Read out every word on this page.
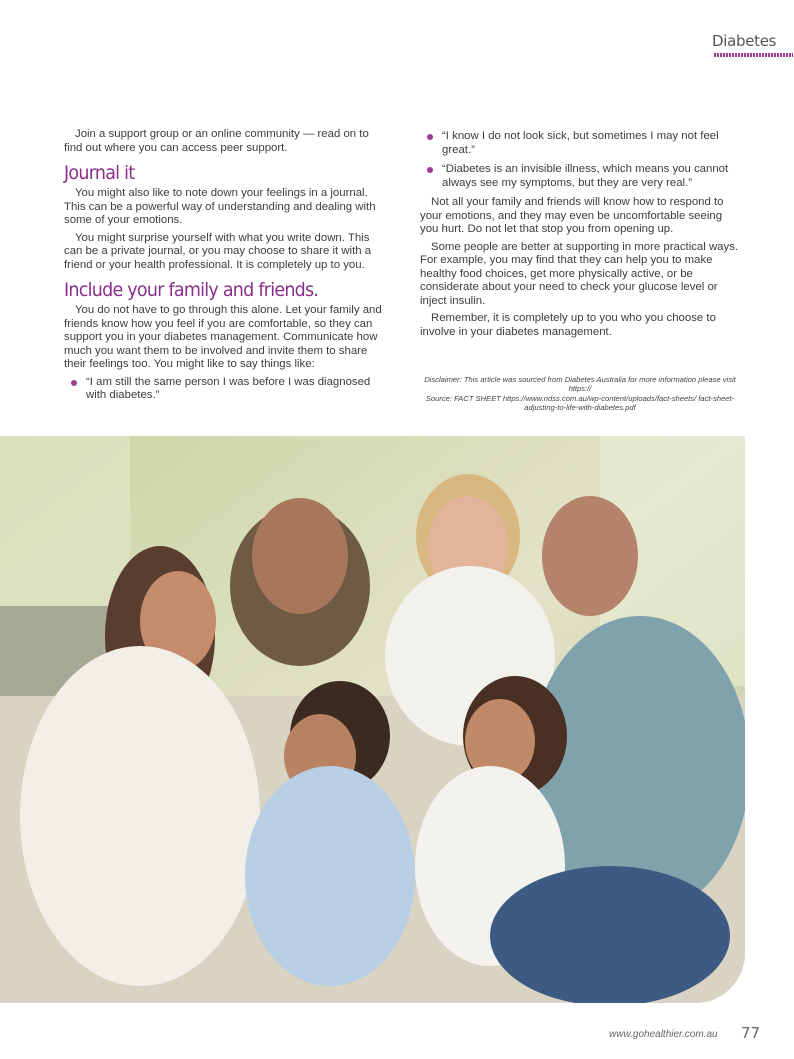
Diabetes

Join a support group or an online community — read on to find out where you can access peer support.

Journal it

You might also like to note down your feelings in a journal. This can be a powerful way of understanding and dealing with some of your emotions.

You might surprise yourself with what you write down. This can be a private journal, or you may choose to share it with a friend or your health professional. It is completely up to you.

Include your family and friends.

You do not have to go through this alone. Let your family and friends know how you feel if you are comfortable, so they can support you in your diabetes management. Communicate how much you want them to be involved and invite them to share their feelings too. You might like to say things like:

“I am still the same person I was before I was diagnosed with diabetes.”
“I know I do not look sick, but sometimes I may not feel great.”
“Diabetes is an invisible illness, which means you cannot always see my symptoms, but they are very real.”

Not all your family and friends will know how to respond to your emotions, and they may even be uncomfortable seeing you hurt. Do not let that stop you from opening up.

Some people are better at supporting in more practical ways. For example, you may find that they can help you to make healthy food choices, get more physically active, or be considerate about your need to check your glucose level or inject insulin.

Remember, it is completely up to you who you choose to involve in your diabetes management.

Disclaimer: This article was sourced from Diabetes Australia for more information please visit https://
Source: FACT SHEET https://www.ndss.com.au/wp-content/uploads/fact-sheets/ fact-sheet-adjusting-to-life-with-diabetes.pdf
www.gohealthier.com.au 77
